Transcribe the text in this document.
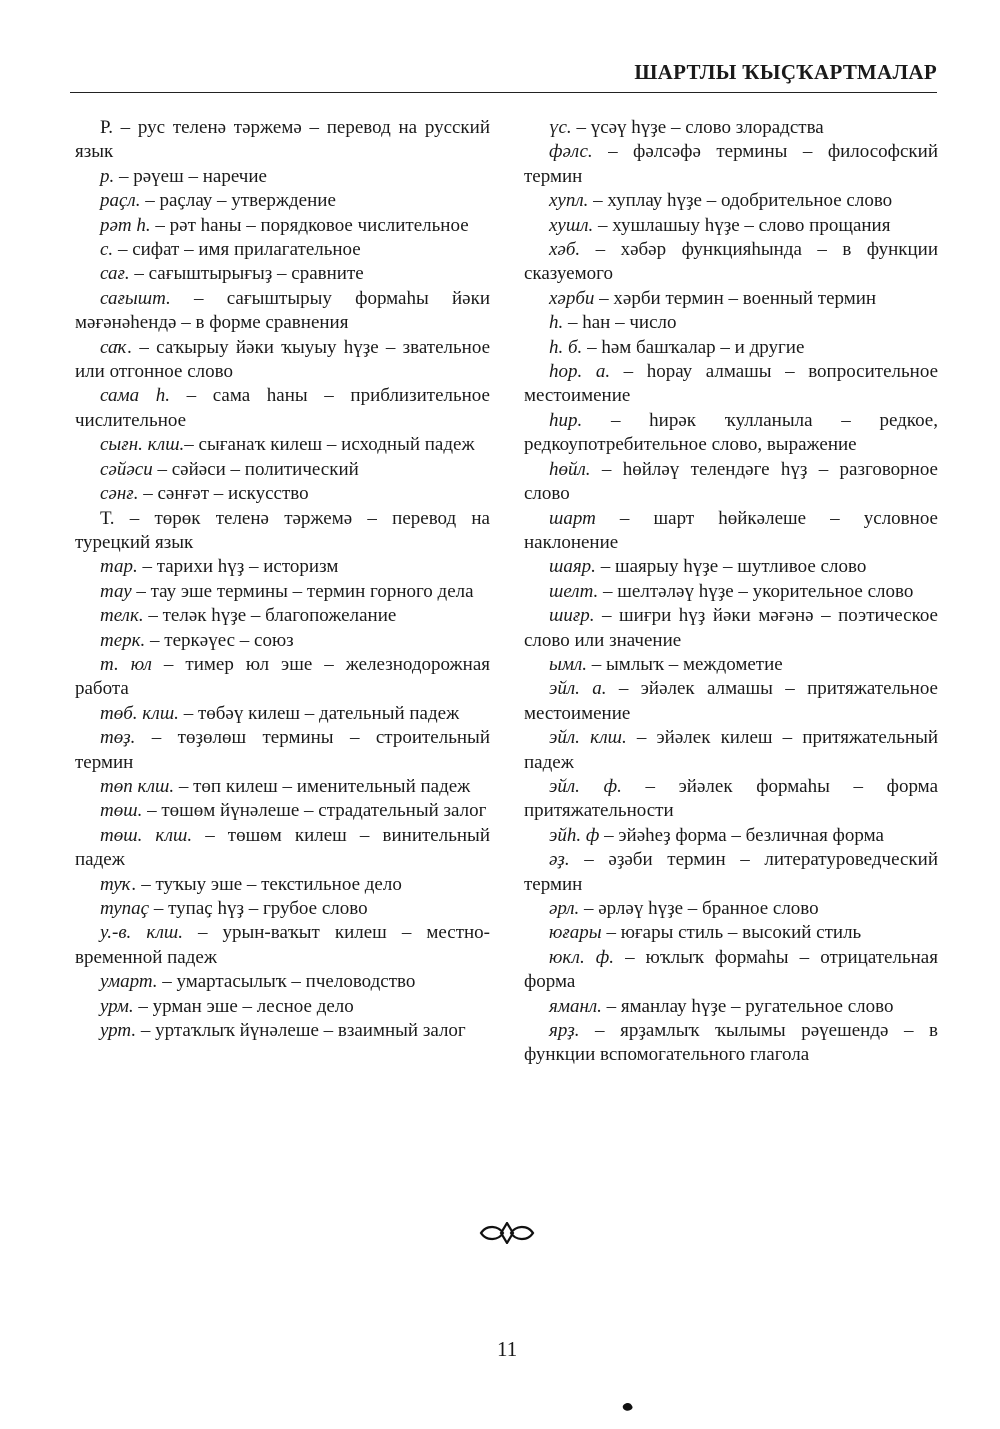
ШАРТЛЫ ҠЫҪҠАРТМАЛАР

Р. – рус теленә тәржемә – перевод на русский язык

р. – рәүеш – наречие

раҫл. – раҫлау – утверждение

рәт һ. – рәт һаны – порядковое числительное

с. – сифат – имя прилагательное

сағ. – сағыштырығыҙ – сравните

сағышт. – сағыштырыу формаһы йәки мәғәнәһендә – в форме сравнения

саҡ. – саҡырыу йәки ҡыуыу һүҙе – звательное или отгонное слово

сама һ. – сама һаны – приблизительное числительное

сығн. клш.– сығанаҡ килеш – исходный падеж

сәйәси – сәйәси – политический

сәнғ. – сәнғәт – искусство

Т. – төрөк теленә тәржемә – перевод на турецкий язык

тар. – тарихи һүҙ – историзм

тау – тау эше термины – термин горного дела

телк. – теләк һүҙе – благопожелание

терк. – теркәүес – союз

т. юл – тимер юл эше – железнодорожная работа

төб. клш. – төбәү килеш – дательный падеж

төҙ. – төҙөлөш термины – строительный термин

төп клш. – төп килеш – именительный падеж

төш. – төшөм йүнәлеше – страдательный залог

төш. клш. – төшөм килеш – винительный падеж

туҡ. – туҡыу эше – текстильное дело

тупаҫ – тупаҫ һүҙ – грубое слово

у.-в. клш. – урын-ваҡыт килеш – местно-временной падеж

умарт. – умартасылыҡ – пчеловодство

урм. – урман эше – лесное дело

урт. – уртаҡлыҡ йүнәлеше – взаимный залог

үс. – үсәү һүҙе – слово злорадства

фәлс. – фәлсәфә термины – философский термин

хупл. – хуплау һүҙе – одобрительное слово

хушл. – хушлашыу һүҙе – слово прощания

хәб. – хәбәр функцияһында – в функции сказуемого

хәрби – хәрби термин – военный термин

һ. – һан – число

һ. б. – һәм башҡалар – и другие

һор. а. – һорау алмашы – вопросительное местоимение

һир. – һирәк ҡулланыла – редкое, редкоупотребительное слово, выражение

һөйл. – һөйләү телендәге һүҙ – разговорное слово

шарт – шарт һөйкәлеше – условное наклонение

шаяр. – шаярыу һүҙе – шутливое слово

шелт. – шелтәләү һүҙе – укорительное слово

шиғр. – шиғри һүҙ йәки мәғәнә – поэтическое слово или значение

ымл. – ымлыҡ – междометие

эйл. а. – эйәлек алмашы – притяжательное местоимение

эйл. клш. – эйәлек килеш – притяжательный падеж

эйл. ф. – эйәлек формаһы – форма притяжательности

эйһ. ф – эйәһеҙ форма – безличная форма

әҙ. – әҙәби термин – литературоведческий термин

әрл. – әрләү һүҙе – бранное слово

юғары – юғары стиль – высокий стиль

юкл. ф. – юҡлыҡ формаһы – отрицательная форма

яманл. – яманлау һүҙе – ругательное слово

ярҙ. – ярҙамлыҡ ҡылымы рәүешендә – в функции вспомогательного глагола

11
